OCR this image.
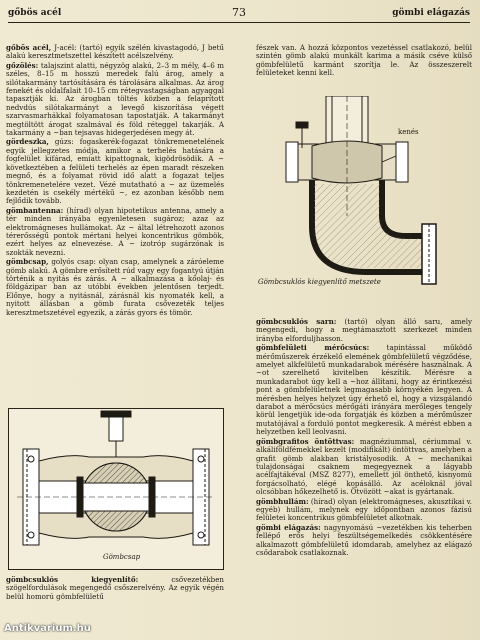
gőbös acél	73	gömbi elágazás

gőbös acél, J-acél: (tartó) egyik szélén kivastagodó, J betű alakú keresztmetszettel készített acélszelvény.

gőzölés: talajszint alatti, négyzög alakú, 2–3 m mély, 4–6 m széles, 8–15 m hosszú meredek falú árog, amely a silótakarmány tartósítására és tárolására alkalmas. Az árog fenekét és oldalfalait 10–15 cm rétegvastagságban agyaggal tapasztják ki. Az árogban töltés közben a felaprított nedvdús silótakarmányt a levegő kiszorítása végett szarvasmarhákkal folyamatosan tapostatják. A takarmányt megtöltött árogat szalmával és föld réteggel takarják. A takarmány a ~ban tejsavas hidegerjedésen megy át.

gördeszka, gúzs: fogaskerék-fogazat tönkremenetelének egyik jellegzetes módja, amikor a terhelés hatására a fogfelület kifárad, emiatt kipattognak, kigödrösödik. A ~ következtében a felületi terhelés az épen maradt részeken megnő, és a folyamat rövid idő alatt a fogazat teljes tönkremenetelére vezet. Vézé mutatható a ~ az üzemelés kezdetén is csekély mértékű ~, ez azonban később nem fejlődik tovább.

gömbantenna: (hírad) olyan hipotetikus antenna, amely a tér minden irányába egyenletesen sugároz; azaz az elektromágneses hullámokat. Az ~ által létrehozott azonos térerősségű pontok mértani helyei koncentrikus gömbök, ezért helyes az elnevezése. A ~ izotróp sugárzónak is szokták nevezni.

gömbcsap, golyós csap: olyan csap, amelynek a záróeleme gömb alakú. A gömbre erősített rúd vagy egy fogantyú útján történik a nyitás és zárás. A ~ alkalmazása a kőolaj- és földgázipar ban az utóbbi években jelentősen terjedt. Előnye, hogy a nyitásnál, zárásnál kis nyomaték kell, a nyitott állásban a gömb furata csővezeték teljes keresztmetszetével egyezik, a zárás gyors és tömör.

Gömbcsap

gömbcsuklós kiegyenlítő:	csővezetékben szögelfordulások megengedő csőszerelvény. Az egyik végén belül homorú gömbfelületű

fészek van. A hozzá központos vezetéssel csatlakozó, belül szintén gömb alakú munkált karima a másik cséve külső gömbfelületű karmánt szorítja le. Az összeszerelt felületeket kenni kell.

kenés
Gömbcsuklós kiegyenlítő metszete

gömbcsuklós sarn: (tartó) olyan álló saru, amely megengedi, hogy a megtámasztott szerkezet minden irányba elforduljhasson.

gömbfelületi mérőcsúcs: tapintással működő mérőműszerek érzékelő elemének gömbfelületű végződése, amelyet alkfelületű munkadarabok mérésére használnak. A ~ot szerelhető kivitelben készítik. Mérésre a munkadarabot úgy kell a ~hoz állítani, hogy az érintkezési pont a gömbfelületnek legmagasabb környékén legyen. A mérésben helyes helyzet úgy érhető el, hogy a vizsgálandó darabot a mérőcsúcs mérőgáti irányára merőleges tengely körül lengetjük ide-oda forgatják és közben a mérőműszer mutatójával a forduló pontot megkeresik. A mérést ebben a helyzetben kell leolvasni.

gömbgrafitos öntöttvas: magnéziummal, cériummal v. alkáliföldfémekkel kezelt (modifikált) öntöttvas, amelyben a grafit gömb alakban kristályosodik. A ~ mechanikai tulajdonságai csaknem megegyeznek a lágyabb acélfajtákéval (MSZ 8277), emellett jól önthető, kisnyomú forgácsolható, elégé kopásálló. Az acéloknál jóval olcsóbban hőkezelhető is. Ötvözött ~akat is gyártanak.

gömbhullám: (hírad) olyan (elektromágneses, akusztikai v. egyéb) hullám, melynek egy időpontban azonos fázisú felületei koncentrikus gömbfelületet alkotnak.

gömbi elágazás: nagynyomású ~vezetékben kis teherben fellépő erős helyi feszültségemelkedés csökkentésére alkalmazott gömbfelületű idomdarab, amelyhez az elágazó csődarabok csatlakoznak.

Antikvarium.hu
